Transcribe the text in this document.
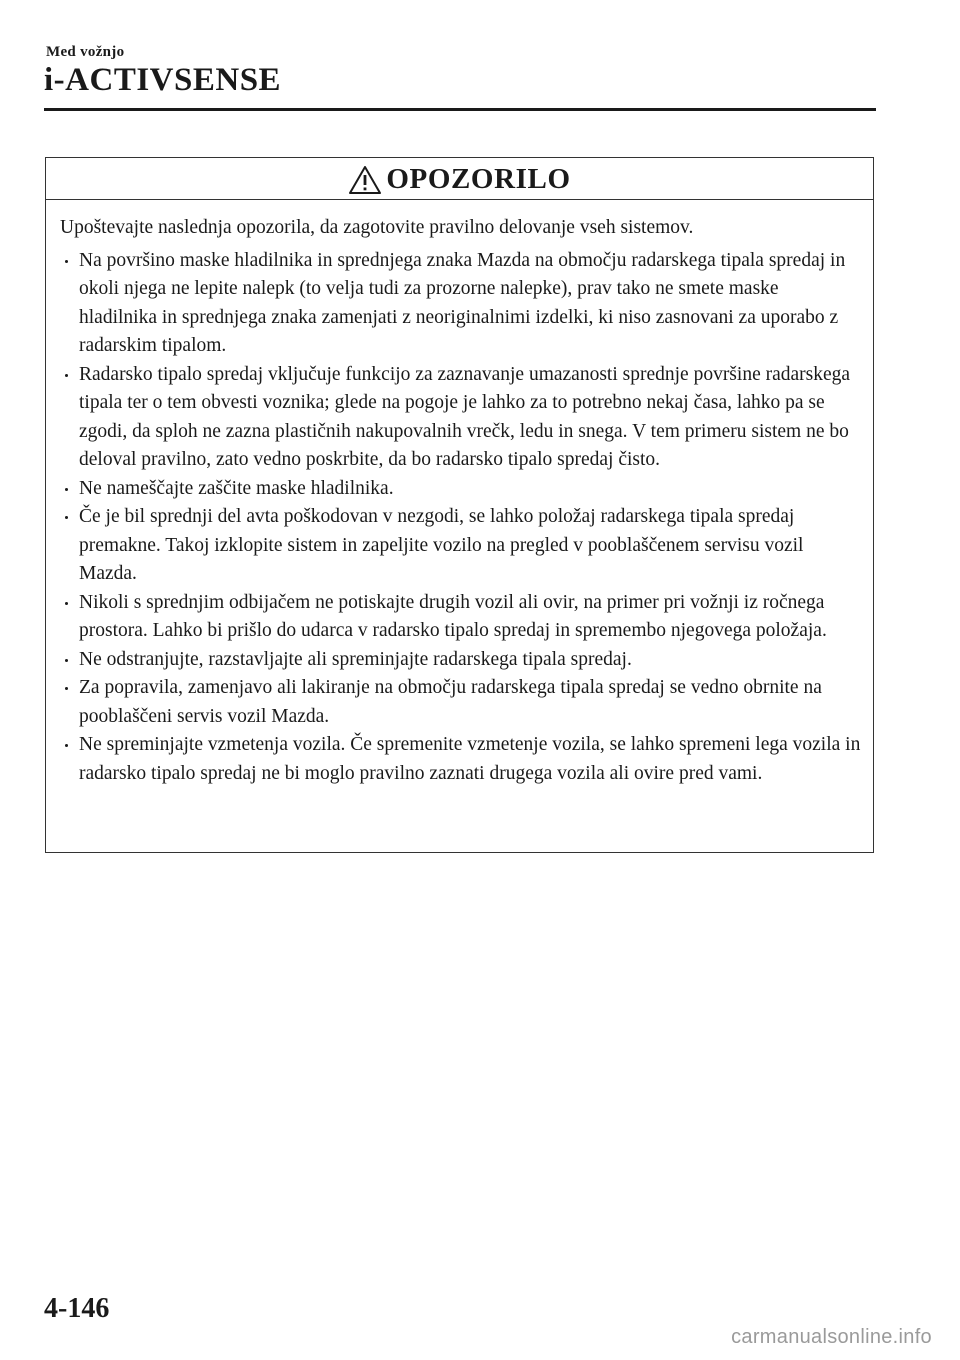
Med vožnjo

i-ACTIVSENSE
OPOZORILO

Upoštevajte naslednja opozorila, da zagotovite pravilno delovanje vseh sistemov.

Na površino maske hladilnika in sprednjega znaka Mazda na območju radarskega tipala spredaj in okoli njega ne lepite nalepk (to velja tudi za prozorne nalepke), prav tako ne smete maske hladilnika in sprednjega znaka zamenjati z neoriginalnimi izdelki, ki niso zasnovani za uporabo z radarskim tipalom.
Radarsko tipalo spredaj vključuje funkcijo za zaznavanje umazanosti sprednje površine radarskega tipala ter o tem obvesti voznika; glede na pogoje je lahko za to potrebno nekaj časa, lahko pa se zgodi, da sploh ne zazna plastičnih nakupovalnih vrečk, ledu in snega. V tem primeru sistem ne bo deloval pravilno, zato vedno poskrbite, da bo radarsko tipalo spredaj čisto.
Ne nameščajte zaščite maske hladilnika.
Če je bil sprednji del avta poškodovan v nezgodi, se lahko položaj radarskega tipala spredaj premakne. Takoj izklopite sistem in zapeljite vozilo na pregled v pooblaščenem servisu vozil Mazda.
Nikoli s sprednjim odbijačem ne potiskajte drugih vozil ali ovir, na primer pri vožnji iz ročnega prostora. Lahko bi prišlo do udarca v radarsko tipalo spredaj in spremembo njegovega položaja.
Ne odstranjujte, razstavljajte ali spreminjajte radarskega tipala spredaj.
Za popravila, zamenjavo ali lakiranje na območju radarskega tipala spredaj se vedno obrnite na pooblaščeni servis vozil Mazda.
Ne spreminjajte vzmetenja vozila. Če spremenite vzmetenje vozila, se lahko spremeni lega vozila in radarsko tipalo spredaj ne bi moglo pravilno zaznati drugega vozila ali ovire pred vami.

4-146

carmanualsonline.info
